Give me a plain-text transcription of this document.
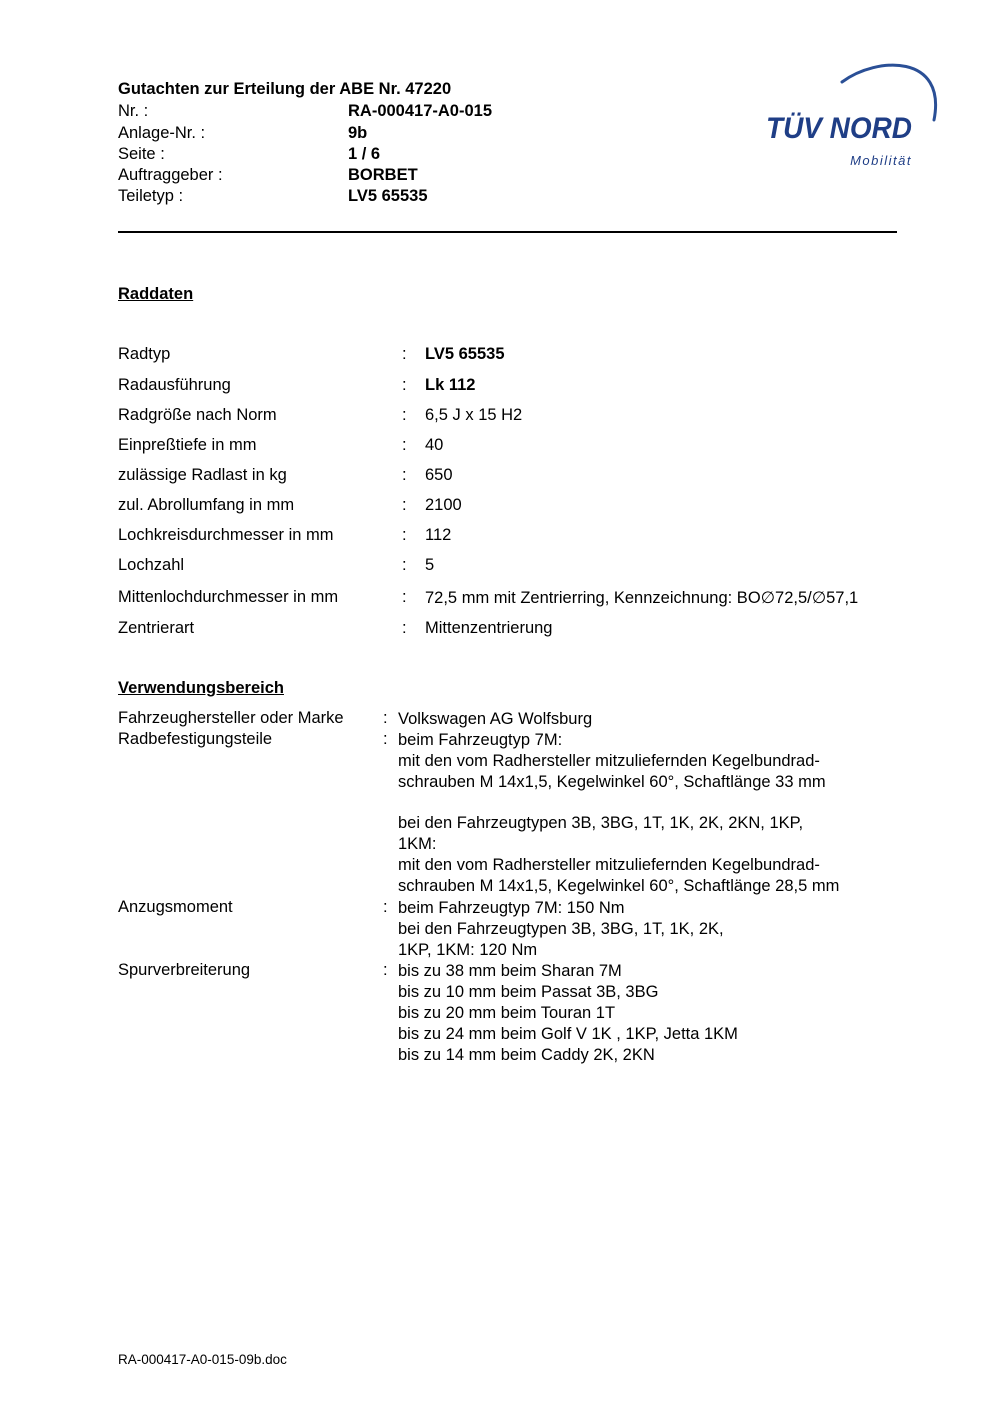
Gutachten zur Erteilung der ABE Nr. 47220
Nr. :	RA-000417-A0-015
Anlage-Nr. :	9b
Seite :	1 / 6
Auftraggeber :	BORBET
Teiletyp :	LV5 65535
TÜV NORD
Mobilität
Raddaten
Radtyp	: LV5 65535
Radausführung	: Lk 112
Radgröße nach Norm	: 6,5 J x 15 H2
Einpreßtiefe in mm	: 40
zulässige Radlast in kg	: 650
zul. Abrollumfang in mm	: 2100
Lochkreisdurchmesser in mm	: 112
Lochzahl	: 5
Mittenlochdurchmesser in mm	: 72,5 mm mit Zentrierring, Kennzeichnung: BO∅72,5/∅57,1
Zentrierart	: Mittenzentrierung
Verwendungsbereich
Fahrzeughersteller oder Marke : Volkswagen AG Wolfsburg
Radbefestigungsteile	: beim Fahrzeugtyp 7M:
mit den vom Radhersteller mitzuliefernden Kegelbundrad-
schrauben M 14x1,5, Kegelwinkel 60°, Schaftlänge 33 mm
bei den Fahrzeugtypen 3B, 3BG, 1T, 1K, 2K, 2KN, 1KP,
1KM:
mit den vom Radhersteller mitzuliefernden Kegelbundrad-
schrauben M 14x1,5, Kegelwinkel 60°, Schaftlänge 28,5 mm
Anzugsmoment	: beim Fahrzeugtyp 7M: 150 Nm
bei den Fahrzeugtypen 3B, 3BG, 1T, 1K, 2K,
1KP, 1KM: 120 Nm
Spurverbreiterung	: bis zu 38 mm beim Sharan 7M
bis zu 10 mm beim Passat 3B, 3BG
bis zu 20 mm beim Touran 1T
bis zu 24 mm beim Golf V 1K , 1KP, Jetta 1KM
bis zu 14 mm beim Caddy 2K, 2KN
RA-000417-A0-015-09b.doc
